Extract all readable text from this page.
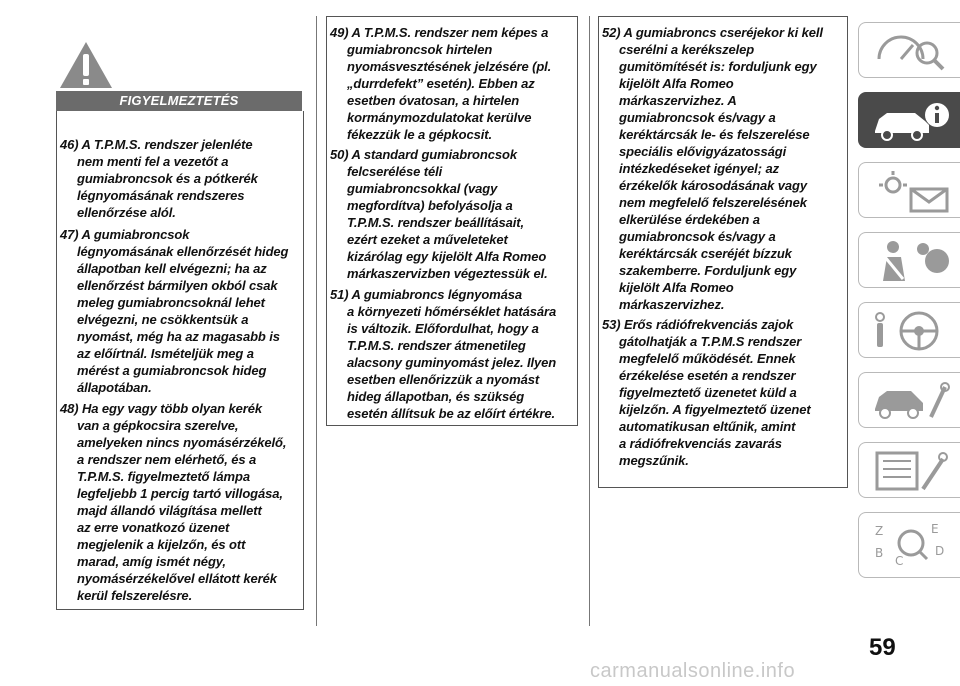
FIGYELMEZTETÉS
46) A T.P.M.S. rendszer jelenléte
nem menti fel a vezetőt a
gumiabroncsok és a pótkerék
légnyomásának rendszeres
ellenőrzése alól.
47) A gumiabroncsok
légnyomásának ellenőrzését hideg
állapotban kell elvégezni; ha az
ellenőrzést bármilyen okból csak
meleg gumiabroncsoknál lehet
elvégezni, ne csökkentsük a
nyomást, még ha az magasabb is
az előírtnál. Ismételjük meg a
mérést a gumiabroncsok hideg
állapotában.
48) Ha egy vagy több olyan kerék
van a gépkocsira szerelve,
amelyeken nincs nyomásérzékelő,
a rendszer nem elérhető, és a
T.P.M.S. figyelmeztető lámpa
legfeljebb 1 percig tartó villogása,
majd állandó világítása mellett
az erre vonatkozó üzenet
megjelenik a kijelzőn, és ott
marad, amíg ismét négy,
nyomásérzékelővel ellátott kerék
kerül felszerelésre.
49) A T.P.M.S. rendszer nem képes a
gumiabroncsok hirtelen
nyomásvesztésének jelzésére (pl.
„durrdefekt” esetén). Ebben az
esetben óvatosan, a hirtelen
kormánymozdulatokat kerülve
fékezzük le a gépkocsit.
50) A standard gumiabroncsok
felcserélése téli
gumiabroncsokkal (vagy
megfordítva) befolyásolja a
T.P.M.S. rendszer beállításait,
ezért ezeket a műveleteket
kizárólag egy kijelölt Alfa Romeo
márkaszervizben végeztessük el.
51) A gumiabroncs légnyomása
a környezeti hőmérséklet hatására
is változik. Előfordulhat, hogy a
T.P.M.S. rendszer átmenetileg
alacsony guminyomást jelez. Ilyen
esetben ellenőrizzük a nyomást
hideg állapotban, és szükség
esetén állítsuk be az előírt értékre.
52) A gumiabroncs cseréjekor ki kell
cserélni a kerékszelep
gumitömítését is: forduljunk egy
kijelölt Alfa Romeo
márkaszervizhez. A
gumiabroncsok és/vagy a
keréktárcsák le- és felszerelése
speciális elővigyázatossági
intézkedéseket igényel; az
érzékelők károsodásának vagy
nem megfelelő felszerelésének
elkerülése érdekében a
gumiabroncsok és/vagy a
keréktárcsák cseréjét bízzuk
szakemberre. Forduljunk egy
kijelölt Alfa Romeo
márkaszervizhez.
53) Erős rádiófrekvenciás zajok
gátolhatják a T.P.M.S rendszer
megfelelő működését. Ennek
érzékelése esetén a rendszer
figyelmeztető üzenetet küld a
kijelzőn. A figyelmeztető üzenet
automatikusan eltűnik, amint
a rádiófrekvenciás zavarás
megszűnik.
Z	E
B	D
C
59
carmanualsonline.info
